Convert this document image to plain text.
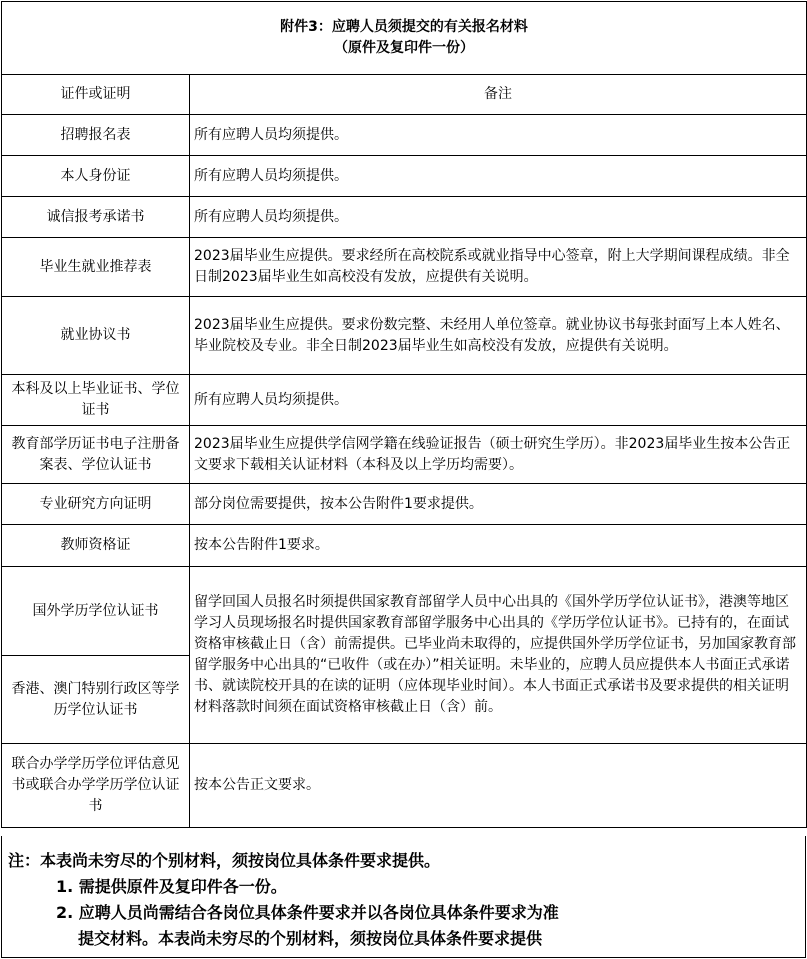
附件3：应聘人员须提交的有关报名材料
（原件及复印件一份）	

证件或证明	备注
招聘报名表	所有应聘人员均须提供。
本人身份证	所有应聘人员均须提供。
诚信报考承诺书	所有应聘人员均须提供。
毕业生就业推荐表	2023届毕业生应提供。要求经所在高校院系或就业指导中心签章，附上大学期间课程成绩。非全日制2023届毕业生如高校没有发放，应提供有关说明。
就业协议书	2023届毕业生应提供。要求份数完整、未经用人单位签章。就业协议书每张封面写上本人姓名、毕业院校及专业。非全日制2023届毕业生如高校没有发放，应提供有关说明。
本科及以上毕业证书、学位证书	所有应聘人员均须提供。
教育部学历证书电子注册备案表、学位认证书	2023届毕业生应提供学信网学籍在线验证报告（硕士研究生学历）。非2023届毕业生按本公告正文要求下载相关认证材料（本科及以上学历均需要）。
专业研究方向证明	部分岗位需要提供，按本公告附件1要求提供。
教师资格证	按本公告附件1要求。
国外学历学位认证书	留学回国人员报名时须提供国家教育部留学人员中心出具的《国外学历学位认证书》，港澳等地区学习人员现场报名时提供国家教育部留学服务中心出具的《学历学位认证书》。已持有的，在面试资格审核截止日（含）前需提供。已毕业尚未取得的，应提供国外学历学位证书，另加国家教育部留学服务中心出具的“已收件（或在办）”相关证明。未毕业的，应聘人员应提供本人书面正式承诺书、就读院校开具的在读的证明（应体现毕业时间）。本人书面正式承诺书及要求提供的相关证明材料落款时间须在面试资格审核截止日（含）前。
香港、澳门特别行政区等学历学位认证书	
联合办学学历学位评估意见书或联合办学学历学位认证书	按本公告正文要求。
注：本表尚未穷尽的个别材料，须按岗位具体条件要求提供。
1. 需提供原件及复印件各一份。
2. 应聘人员尚需结合各岗位具体条件要求并以各岗位具体条件要求为准
提交材料。本表尚未穷尽的个别材料，须按岗位具体条件要求提供
